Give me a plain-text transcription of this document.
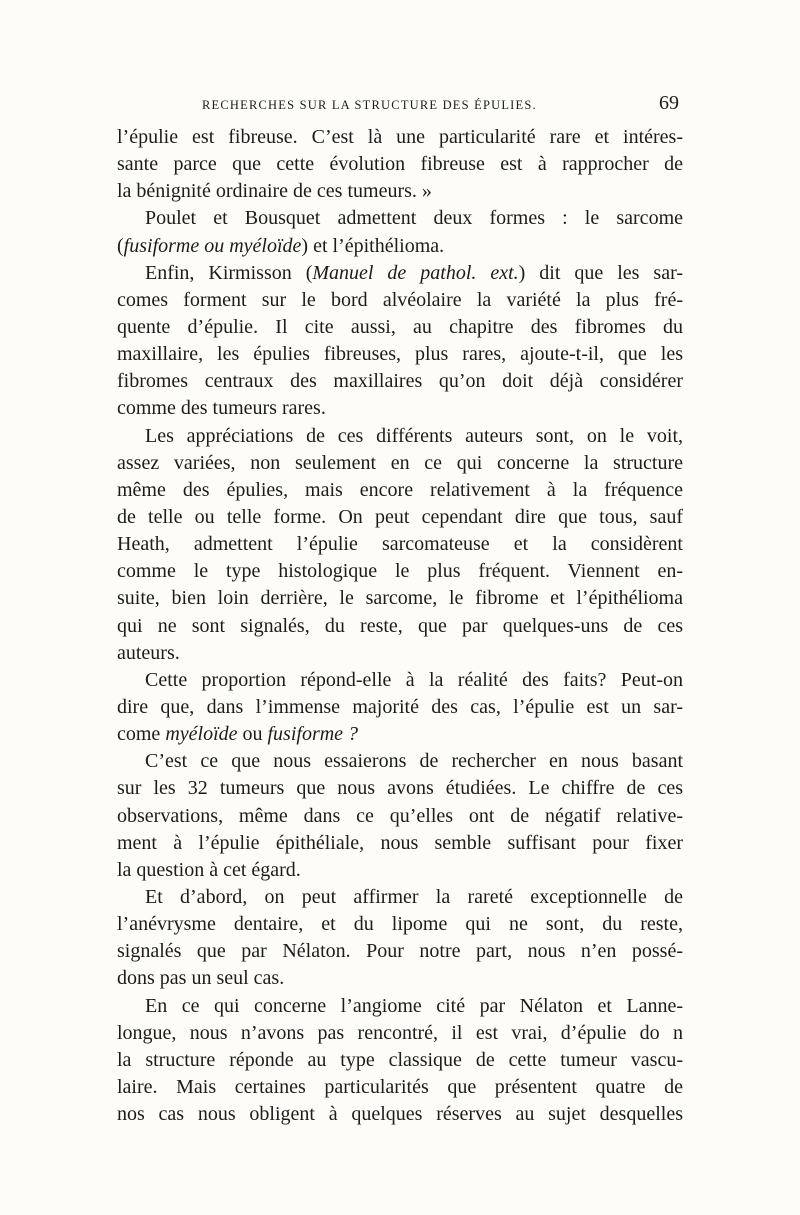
RECHERCHES SUR LA STRUCTURE DES ÉPULIES.	69
l’épulie est fibreuse. C’est là une particularité rare et intéres-
sante parce que cette évolution fibreuse est à rapprocher de
la bénignité ordinaire de ces tumeurs. »
Poulet et Bousquet admettent deux formes : le sarcome
(fusiforme ou myéloïde) et l’épithélioma.
Enfin, Kirmisson (Manuel de pathol. ext.) dit que les sar-
comes forment sur le bord alvéolaire la variété la plus fré-
quente d’épulie. Il cite aussi, au chapitre des fibromes du
maxillaire, les épulies fibreuses, plus rares, ajoute-t-il, que les
fibromes centraux des maxillaires qu’on doit déjà considérer
comme des tumeurs rares.
Les appréciations de ces différents auteurs sont, on le voit,
assez variées, non seulement en ce qui concerne la structure
même des épulies, mais encore relativement à la fréquence
de telle ou telle forme. On peut cependant dire que tous, sauf
Heath, admettent l’épulie sarcomateuse et la considèrent
comme le type histologique le plus fréquent. Viennent en-
suite, bien loin derrière, le sarcome, le fibrome et l’épithélioma
qui ne sont signalés, du reste, que par quelques-uns de ces
auteurs.
Cette proportion répond-elle à la réalité des faits? Peut-on
dire que, dans l’immense majorité des cas, l’épulie est un sar-
come myéloïde ou fusiforme ?
C’est ce que nous essaierons de rechercher en nous basant
sur les 32 tumeurs que nous avons étudiées. Le chiffre de ces
observations, même dans ce qu’elles ont de négatif relative-
ment à l’épulie épithéliale, nous semble suffisant pour fixer
la question à cet égard.
Et d’abord, on peut affirmer la rareté exceptionnelle de
l’anévrysme dentaire, et du lipome qui ne sont, du reste,
signalés que par Nélaton. Pour notre part, nous n’en possé-
dons pas un seul cas.
En ce qui concerne l’angiome cité par Nélaton et Lanne-
longue, nous n’avons pas rencontré, il est vrai, d’épulie do n
la structure réponde au type classique de cette tumeur vascu-
laire. Mais certaines particularités que présentent quatre de
nos cas nous obligent à quelques réserves au sujet desquelles
